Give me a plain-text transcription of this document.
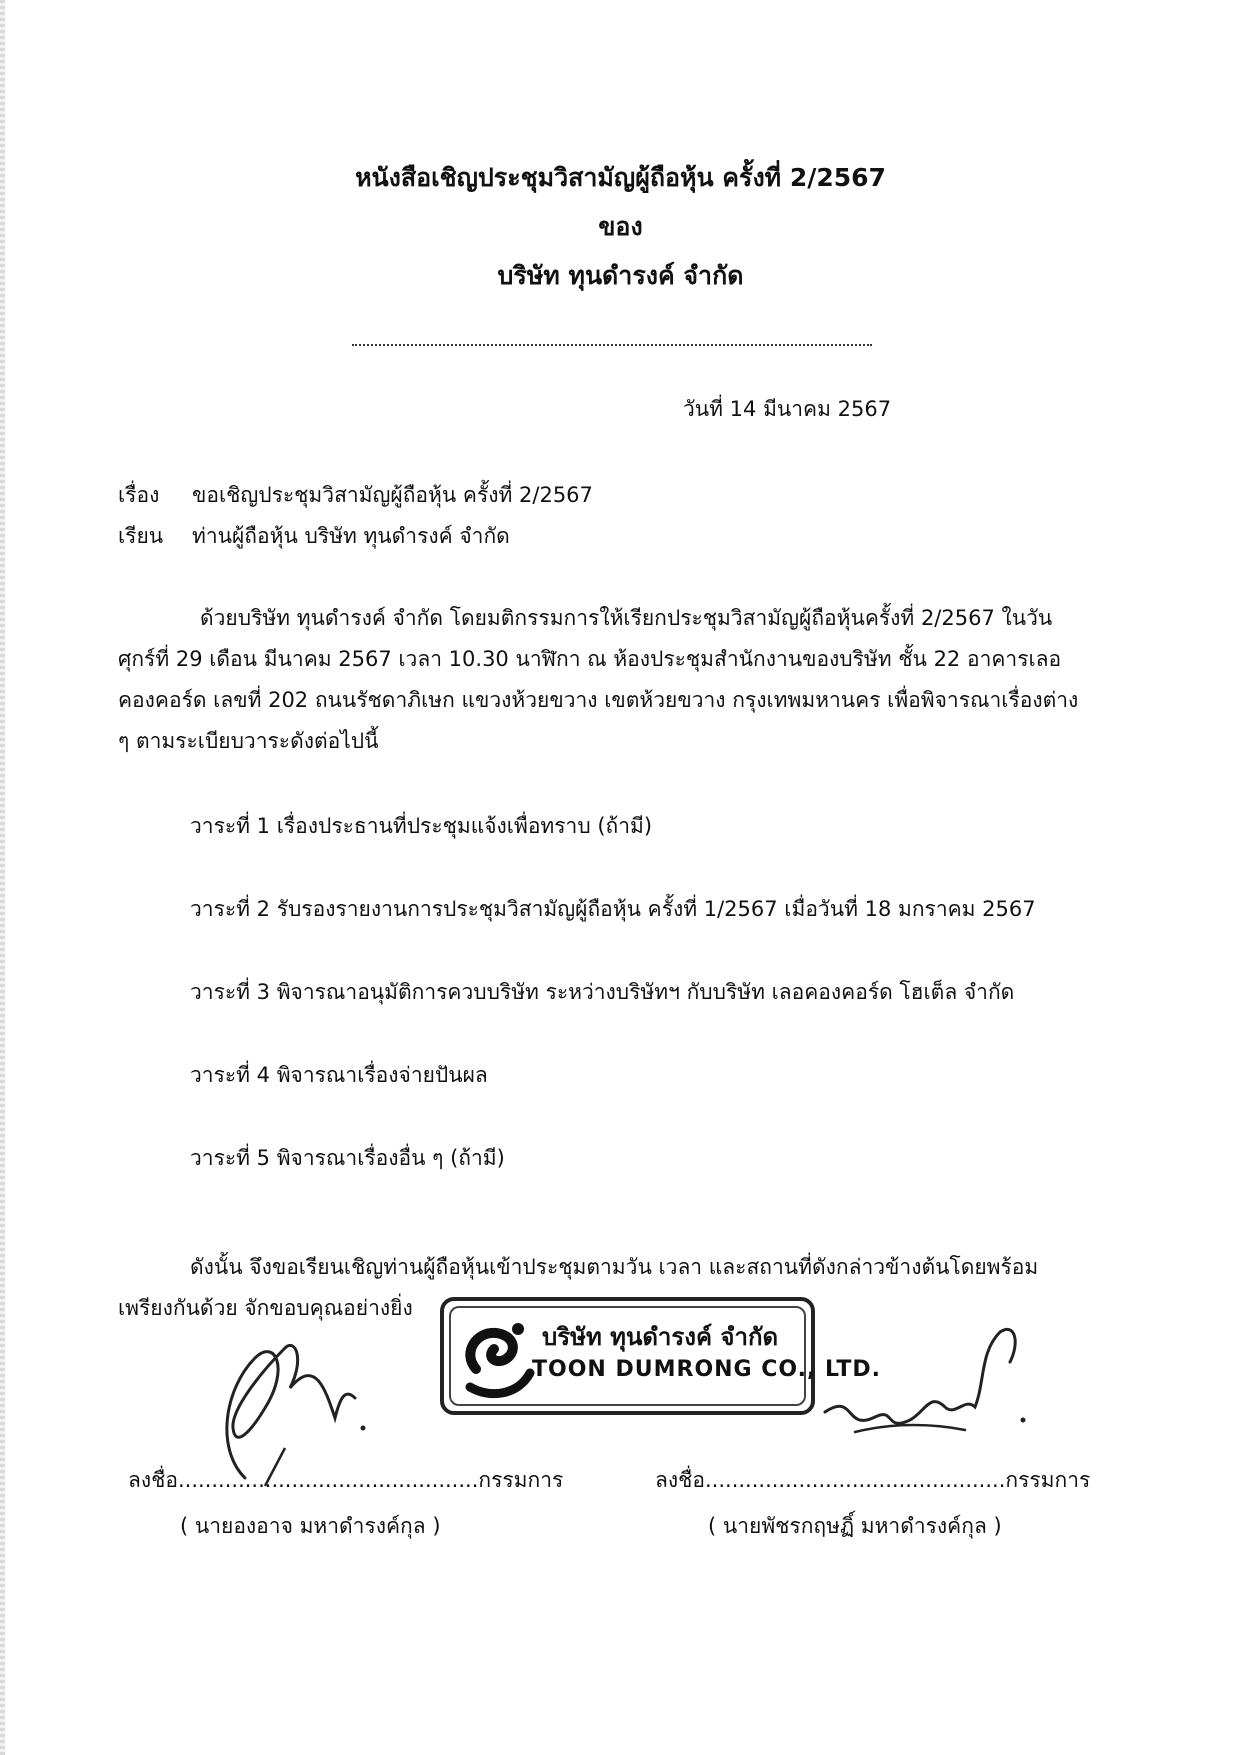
หนังสือเชิญประชุมวิสามัญผู้ถือหุ้น ครั้งที่ 2/2567
ของ
บริษัท ทุนดำรงค์ จำกัด
วันที่ 14 มีนาคม 2567
เรื่อง ขอเชิญประชุมวิสามัญผู้ถือหุ้น ครั้งที่ 2/2567
เรียน ท่านผู้ถือหุ้น บริษัท ทุนดำรงค์ จำกัด
ด้วยบริษัท ทุนดำรงค์ จำกัด โดยมติกรรมการให้เรียกประชุมวิสามัญผู้ถือหุ้นครั้งที่ 2/2567 ในวัน
ศุกร์ที่ 29 เดือน มีนาคม 2567 เวลา 10.30 นาฬิกา ณ ห้องประชุมสำนักงานของบริษัท ชั้น 22 อาคารเลอ
คองคอร์ด เลขที่ 202 ถนนรัชดาภิเษก แขวงห้วยขวาง เขตห้วยขวาง กรุงเทพมหานคร เพื่อพิจารณาเรื่องต่าง
ๆ ตามระเบียบวาระดังต่อไปนี้
วาระที่ 1 เรื่องประธานที่ประชุมแจ้งเพื่อทราบ (ถ้ามี)
วาระที่ 2 รับรองรายงานการประชุมวิสามัญผู้ถือหุ้น ครั้งที่ 1/2567 เมื่อวันที่ 18 มกราคม 2567
วาระที่ 3 พิจารณาอนุมัติการควบบริษัท ระหว่างบริษัทฯ กับบริษัท เลอคองคอร์ด โฮเต็ล จำกัด
วาระที่ 4 พิจารณาเรื่องจ่ายปันผล
วาระที่ 5 พิจารณาเรื่องอื่น ๆ (ถ้ามี)
ดังนั้น จึงขอเรียนเชิญท่านผู้ถือหุ้นเข้าประชุมตามวัน เวลา และสถานที่ดังกล่าวข้างต้นโดยพร้อม
เพรียงกันด้วย จักขอบคุณอย่างยิ่ง
บริษัท ทุนดำรงค์ จำกัด
TOON DUMRONG CO., LTD.
ลงชื่อ.............................................กรรมการ
( นายองอาจ มหาดำรงค์กุล )
ลงชื่อ.............................................กรรมการ
( นายพัชรกฤษฏิ์ มหาดำรงค์กุล )
